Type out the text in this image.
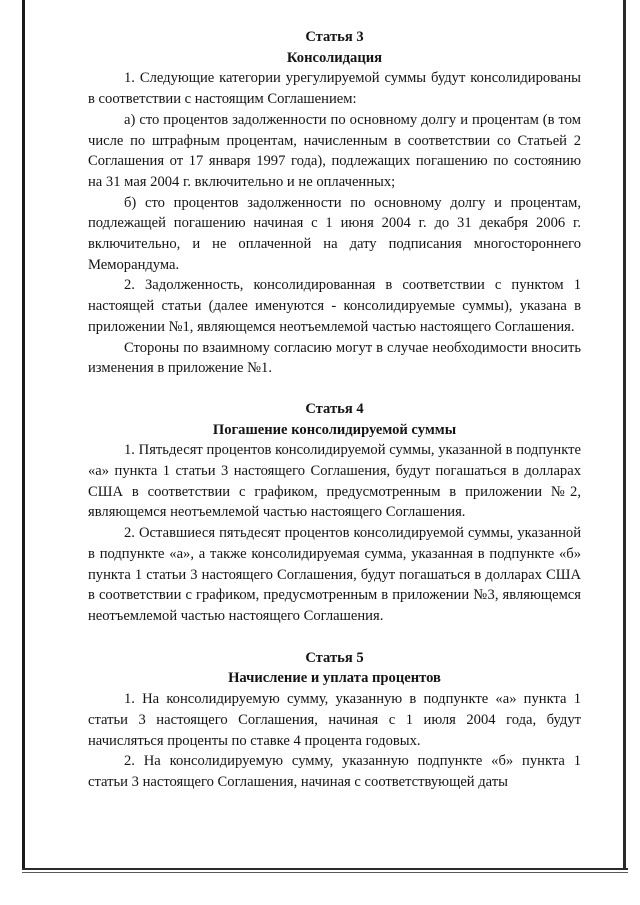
Статья 3

Консолидация

1. Следующие категории урегулируемой суммы будут консолидированы в соответствии с настоящим Соглашением:

а) сто процентов задолженности по основному долгу и процентам (в том числе по штрафным процентам, начисленным в соответствии со Статьей 2 Соглашения от 17 января 1997 года), подлежащих погашению по состоянию на 31 мая 2004 г. включительно и не оплаченных;

б) сто процентов задолженности по основному долгу и процентам, подлежащей погашению начиная с 1 июня 2004 г. до 31 декабря 2006 г. включительно, и не оплаченной на дату подписания многостороннего Меморандума.

2. Задолженность, консолидированная в соответствии с пунктом 1 настоящей статьи (далее именуются - консолидируемые суммы), указана в приложении №1, являющемся неотъемлемой частью настоящего Соглашения.

Стороны по взаимному согласию могут в случае необходимости вносить изменения в приложение №1.

Статья 4

Погашение консолидируемой суммы

1. Пятьдесят процентов консолидируемой суммы, указанной в подпункте «а» пункта 1 статьи 3 настоящего Соглашения, будут погашаться в долларах США в соответствии с графиком, предусмотренным в приложении №2, являющемся неотъемлемой частью настоящего Соглашения.

2. Оставшиеся пятьдесят процентов консолидируемой суммы, указанной в подпункте «а», а также консолидируемая сумма, указанная в подпункте «б» пункта 1 статьи 3 настоящего Соглашения, будут погашаться в долларах США в соответствии с графиком, предусмотренным в приложении №3, являющемся неотъемлемой частью настоящего Соглашения.

Статья 5

Начисление и уплата процентов

1. На консолидируемую сумму, указанную в подпункте «а» пункта 1 статьи 3 настоящего Соглашения, начиная с 1 июля 2004 года, будут начисляться проценты по ставке 4 процента годовых.

2. На консолидируемую сумму, указанную подпункте «б» пункта 1 статьи 3 настоящего Соглашения, начиная с соответствующей даты
